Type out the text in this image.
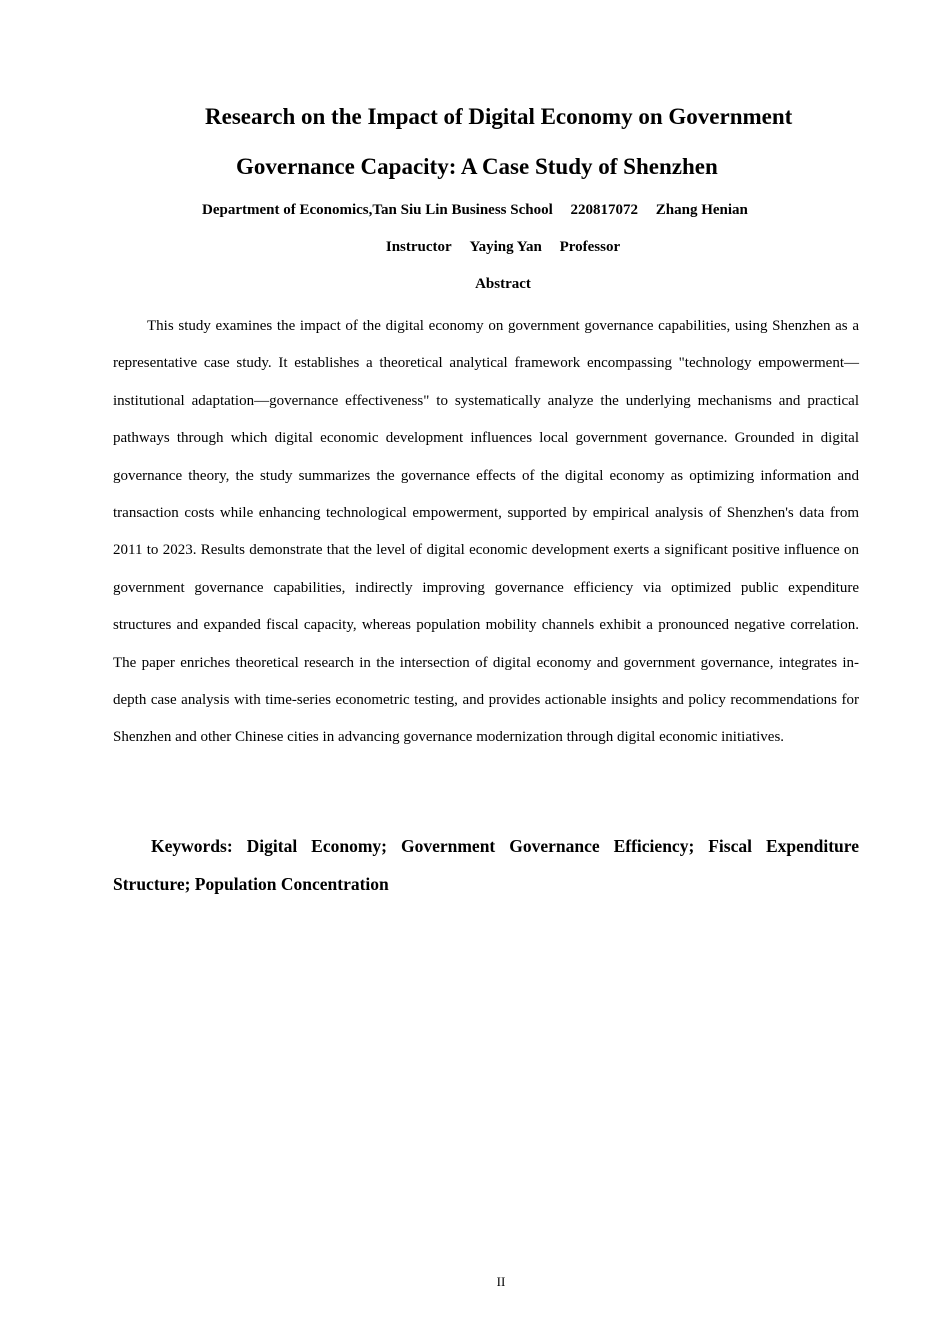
Research on the Impact of Digital Economy on Government
Governance Capacity: A Case Study of Shenzhen
Department of Economics,Tan Siu Lin Business School 220817072 Zhang Henian
Instructor Yaying Yan Professor
Abstract

This study examines the impact of the digital economy on government governance capabilities, using Shenzhen as a representative case study. It establishes a theoretical analytical framework encompassing "technology empowerment—institutional adaptation—governance effectiveness" to systematically analyze the underlying mechanisms and practical pathways through which digital economic development influences local government governance. Grounded in digital governance theory, the study summarizes the governance effects of the digital economy as optimizing information and transaction costs while enhancing technological empowerment, supported by empirical analysis of Shenzhen's data from 2011 to 2023. Results demonstrate that the level of digital economic development exerts a significant positive influence on government governance capabilities, indirectly improving governance efficiency via optimized public expenditure structures and expanded fiscal capacity, whereas population mobility channels exhibit a pronounced negative correlation. The paper enriches theoretical research in the intersection of digital economy and government governance, integrates in-depth case analysis with time-series econometric testing, and provides actionable insights and policy recommendations for Shenzhen and other Chinese cities in advancing governance modernization through digital economic initiatives.

Keywords: Digital Economy; Government Governance Efficiency; Fiscal Expenditure Structure; Population Concentration

II
